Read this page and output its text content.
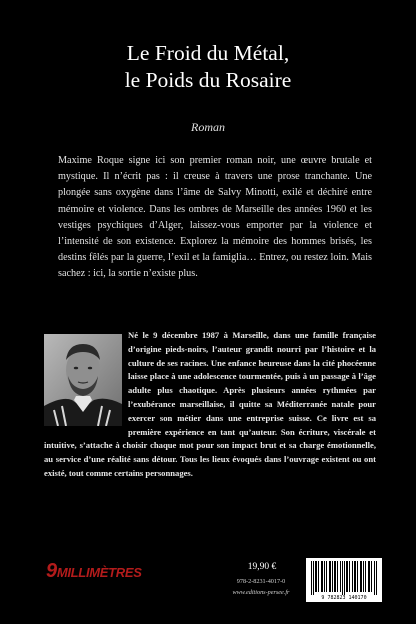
Le Froid du Métal,
le Poids du Rosaire
Roman

Maxime Roque signe ici son premier roman noir, une œuvre brutale et mystique. Il n’écrit pas : il creuse à travers une prose tranchante. Une plongée sans oxygène dans l’âme de Salvy Minotti, exilé et déchiré entre mémoire et violence. Dans les ombres de Marseille des années 1960 et les vestiges psychiques d’Alger, laissez-vous emporter par la violence et l’intensité de son existence. Explorez la mémoire des hommes brisés, les destins fêlés par la guerre, l’exil et la famiglia… Entrez, ou restez loin. Mais sachez : ici, la sortie n’existe plus.

Né le 9 décembre 1987 à Marseille, dans une famille française d’origine pieds-noirs, l’auteur grandit nourri par l’histoire et la culture de ses racines. Une enfance heureuse dans la cité phocéenne laisse place à une adolescence tourmentée, puis à un passage à l’âge adulte plus chaotique. Après plusieurs années rythmées par l’exubérance marseillaise, il quitte sa Méditerranée natale pour exercer son métier dans une entreprise suisse. Ce livre est sa première expérience en tant qu’auteur. Son écriture, viscérale et intuitive, s’attache à choisir chaque mot pour son impact brut et sa charge émotionnelle, au service d’une réalité sans détour. Tous les lieux évoqués dans l’ouvrage existent ou ont existé, tout comme certains personnages.

9MILLIMÈTRES	19,90 €
978-2-8231-4017-0
www.editions-persee.fr
9 782823 140170
